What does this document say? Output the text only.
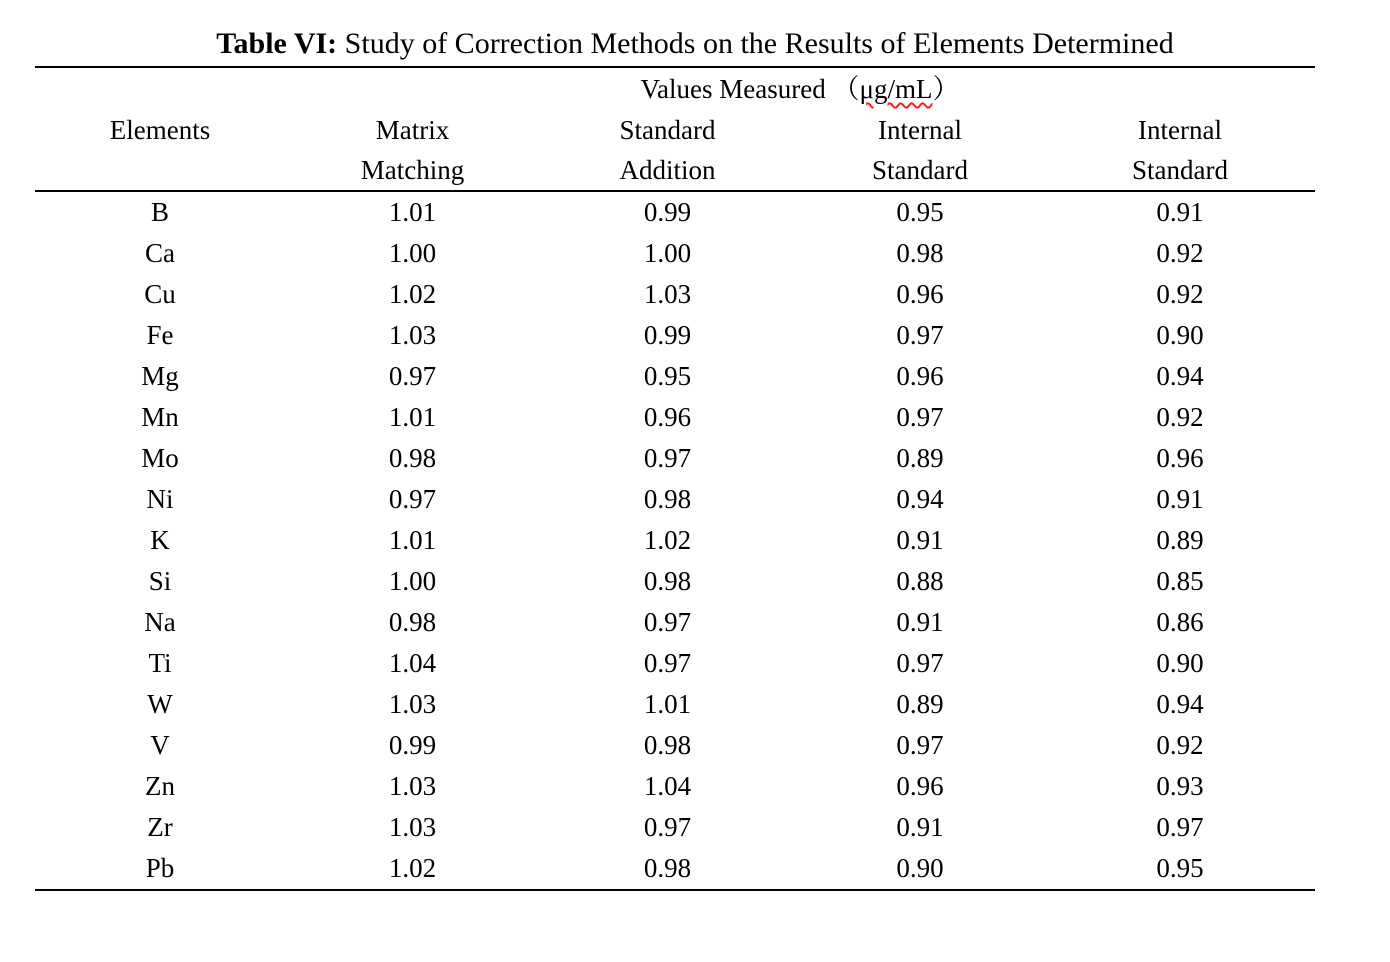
Table VI: Study of Correction Methods on the Results of Elements Determined
	Values Measured （μg/mL）			
Elements	Matrix	Standard	Internal	Internal
	Matching	Addition	Standard	Standard
B	1.01	0.99	0.95	0.91
Ca	1.00	1.00	0.98	0.92
Cu	1.02	1.03	0.96	0.92
Fe	1.03	0.99	0.97	0.90
Mg	0.97	0.95	0.96	0.94
Mn	1.01	0.96	0.97	0.92
Mo	0.98	0.97	0.89	0.96
Ni	0.97	0.98	0.94	0.91
K	1.01	1.02	0.91	0.89
Si	1.00	0.98	0.88	0.85
Na	0.98	0.97	0.91	0.86
Ti	1.04	0.97	0.97	0.90
W	1.03	1.01	0.89	0.94
V	0.99	0.98	0.97	0.92
Zn	1.03	1.04	0.96	0.93
Zr	1.03	0.97	0.91	0.97
Pb	1.02	0.98	0.90	0.95
